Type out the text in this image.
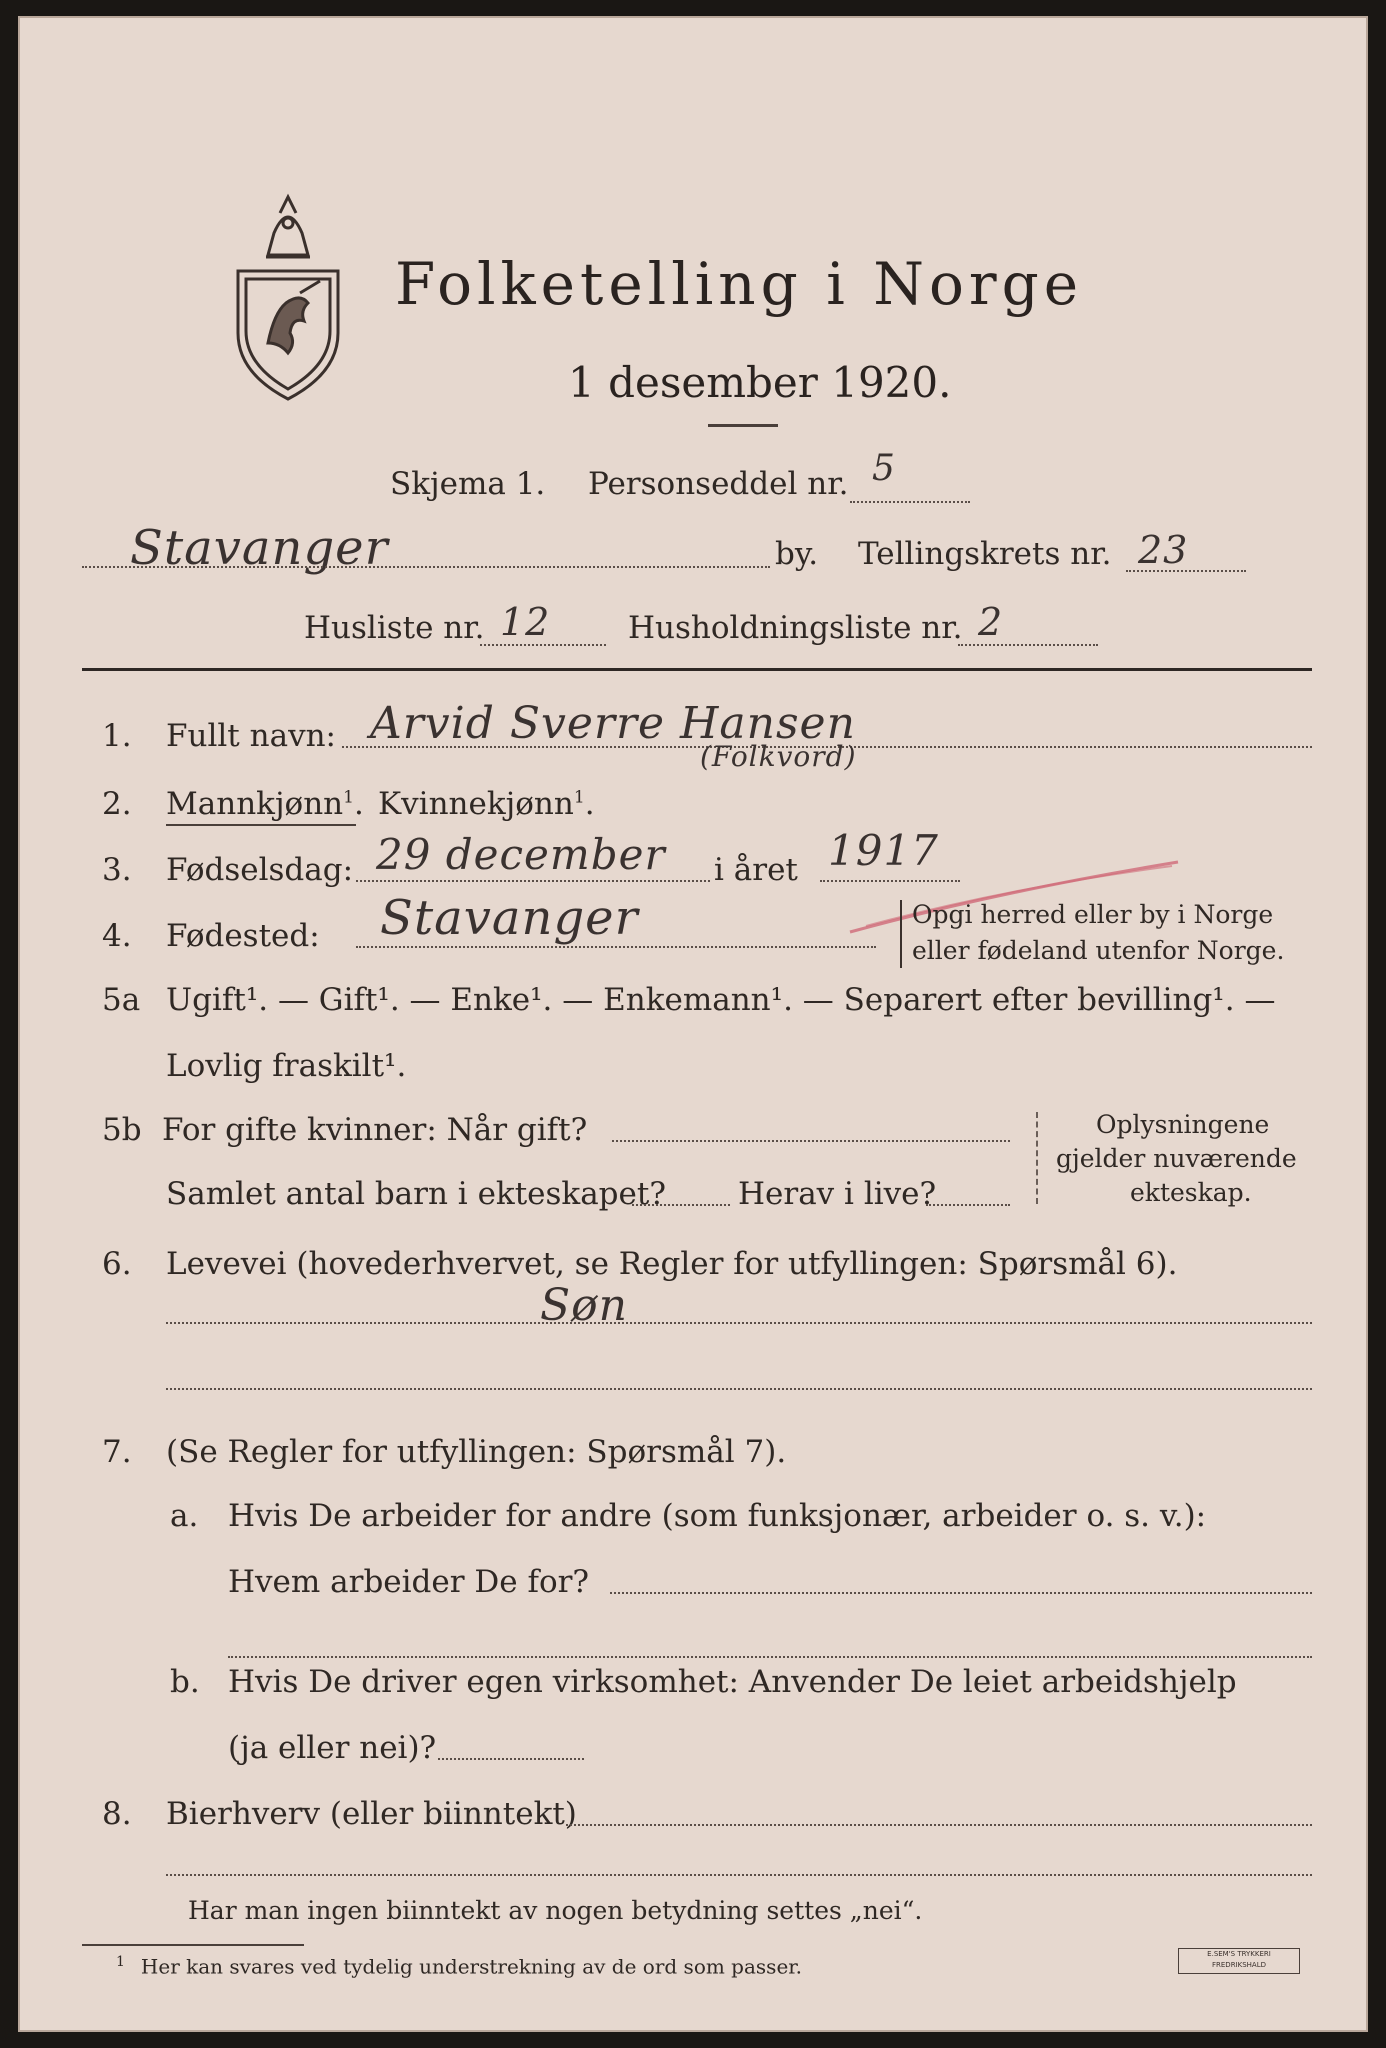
Folketelling i Norge
1 desember 1920.
Skjema 1. Personseddel nr. 5
Stavanger	by. Tellingskrets nr. 23
Husliste nr. 12	Husholdningsliste nr. 2
1. Fullt navn: Arvid Sverre Hansen
(Folkvord)
2. Mannkjønn$^1$. Kvinnekjønn$^1$.
3. Fødselsdag: 29 december i året 1917
4. Fødested: Stavanger	Opgi herred eller by i Norge
eller fødeland utenfor Norge.
5a Ugift¹. — Gift¹. — Enke¹. — Enkemann¹. — Separert efter bevilling¹. —
Lovlig fraskilt¹.
5b For gifte kvinner: Når gift?
Samlet antal barn i ekteskapet? Herav i live?
Oplysningene
gjelder nuværende
ekteskap.
6. Levevei (hovederhvervet, se Regler for utfyllingen: Spørsmål 6).
Søn
7. (Se Regler for utfyllingen: Spørsmål 7).
a. Hvis De arbeider for andre (som funksjonær, arbeider o. s. v.):
Hvem arbeider De for?
b. Hvis De driver egen virksomhet: Anvender De leiet arbeidshjelp
(ja eller nei)?
8. Bierhverv (eller biinntekt)
Har man ingen biinntekt av nogen betydning settes „nei“.
$^1$ Her kan svares ved tydelig understrekning av de ord som passer.
E.SEM'S TRYKKERI
FREDRIKSHALD
